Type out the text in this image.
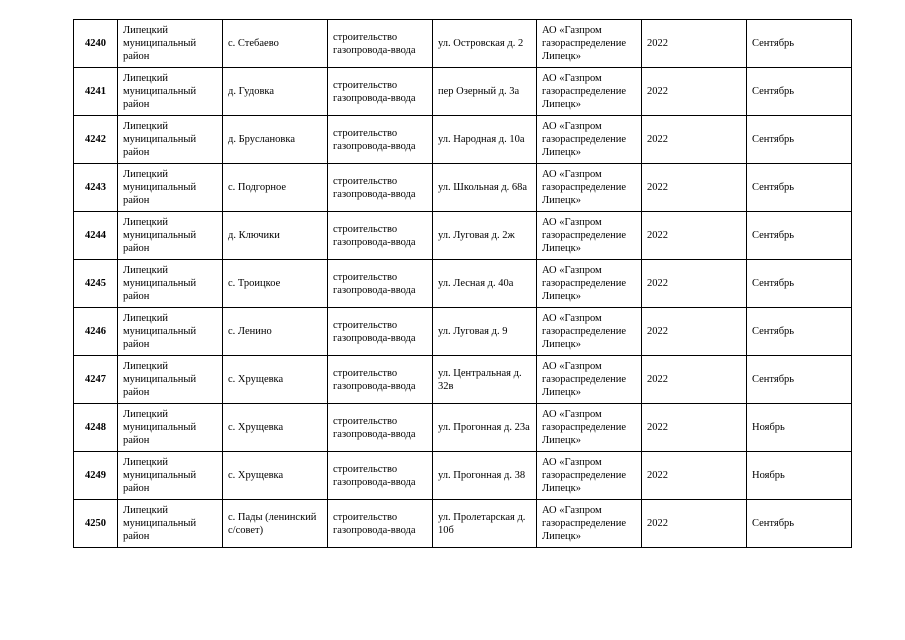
4240	Липецкий муниципальный район	с. Стебаево	строительство газопровода-ввода	ул. Островская д. 2	АО «Газпром газораспределение Липецк»	2022	Сентябрь
4241	Липецкий муниципальный район	д. Гудовка	строительство газопровода-ввода	пер Озерный д. 3а	АО «Газпром газораспределение Липецк»	2022	Сентябрь
4242	Липецкий муниципальный район	д. Брусланов​ка	строительство газопровода-ввода	ул. Народная д. 10а	АО «Газпром газораспределение Липецк»	2022	Сентябрь
4243	Липецкий муниципальный район	с. Подгорное	строительство газопровода-ввода	ул. Школьная д. 68а	АО «Газпром газораспределение Липецк»	2022	Сентябрь
4244	Липецкий муниципальный район	д. Ключики	строительство газопровода-ввода	ул. Луговая д. 2ж	АО «Газпром газораспределение Липецк»	2022	Сентябрь
4245	Липецкий муниципальный район	с. Троицкое	строительство газопровода-ввода	ул. Лесная д. 40а	АО «Газпром газораспределение Липецк»	2022	Сентябрь
4246	Липецкий муниципальный район	с. Ленино	строительство газопровода-ввода	ул. Луговая д. 9	АО «Газпром газораспределение Липецк»	2022	Сентябрь
4247	Липецкий муниципальный район	с. Хрущевка	строительство газопровода-ввода	ул. Центральная д. 32в	АО «Газпром газораспределение Липецк»	2022	Сентябрь
4248	Липецкий муниципальный район	с. Хрущевка	строительство газопровода-ввода	ул. Прогонная д. 23а	АО «Газпром газораспределение Липецк»	2022	Ноябрь
4249	Липецкий муниципальный район	с. Хрущевка	строительство газопровода-ввода	ул. Прогонная д. 38	АО «Газпром газораспределение Липецк»	2022	Ноябрь
4250	Липецкий муниципальный район	с. Пады (ленинский с/совет)	строительство газопровода-ввода	ул. Пролетарская д. 10б	АО «Газпром газораспределение Липецк»	2022	Сентябрь
